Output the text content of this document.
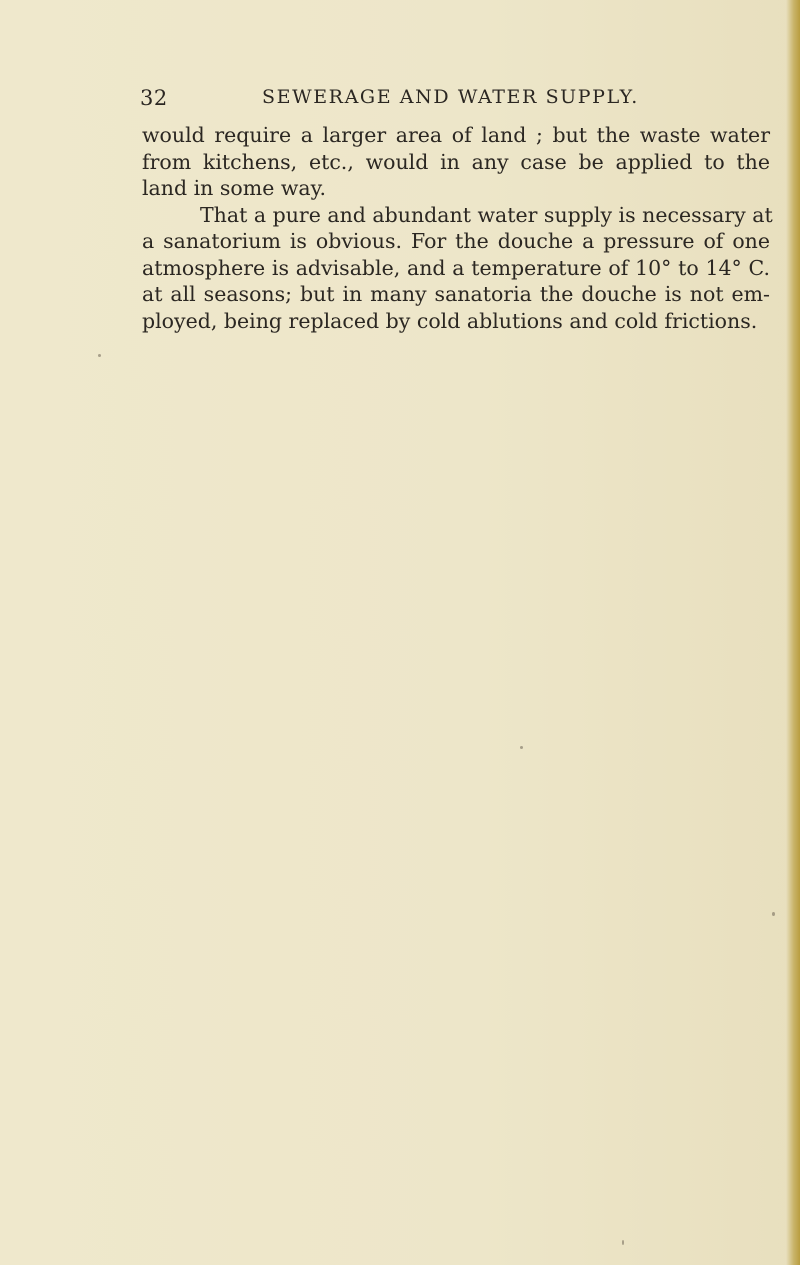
32	SEWERAGE AND WATER SUPPLY.
would require a larger area of land ; but the waste water
from kitchens, etc., would in any case be applied to the
land in some way.
That a pure and abundant water supply is necessary at
a sanatorium is obvious. For the douche a pressure of one
atmosphere is advisable, and a temperature of 10° to 14° C.
at all seasons; but in many sanatoria the douche is not em-
ployed, being replaced by cold ablutions and cold frictions.
